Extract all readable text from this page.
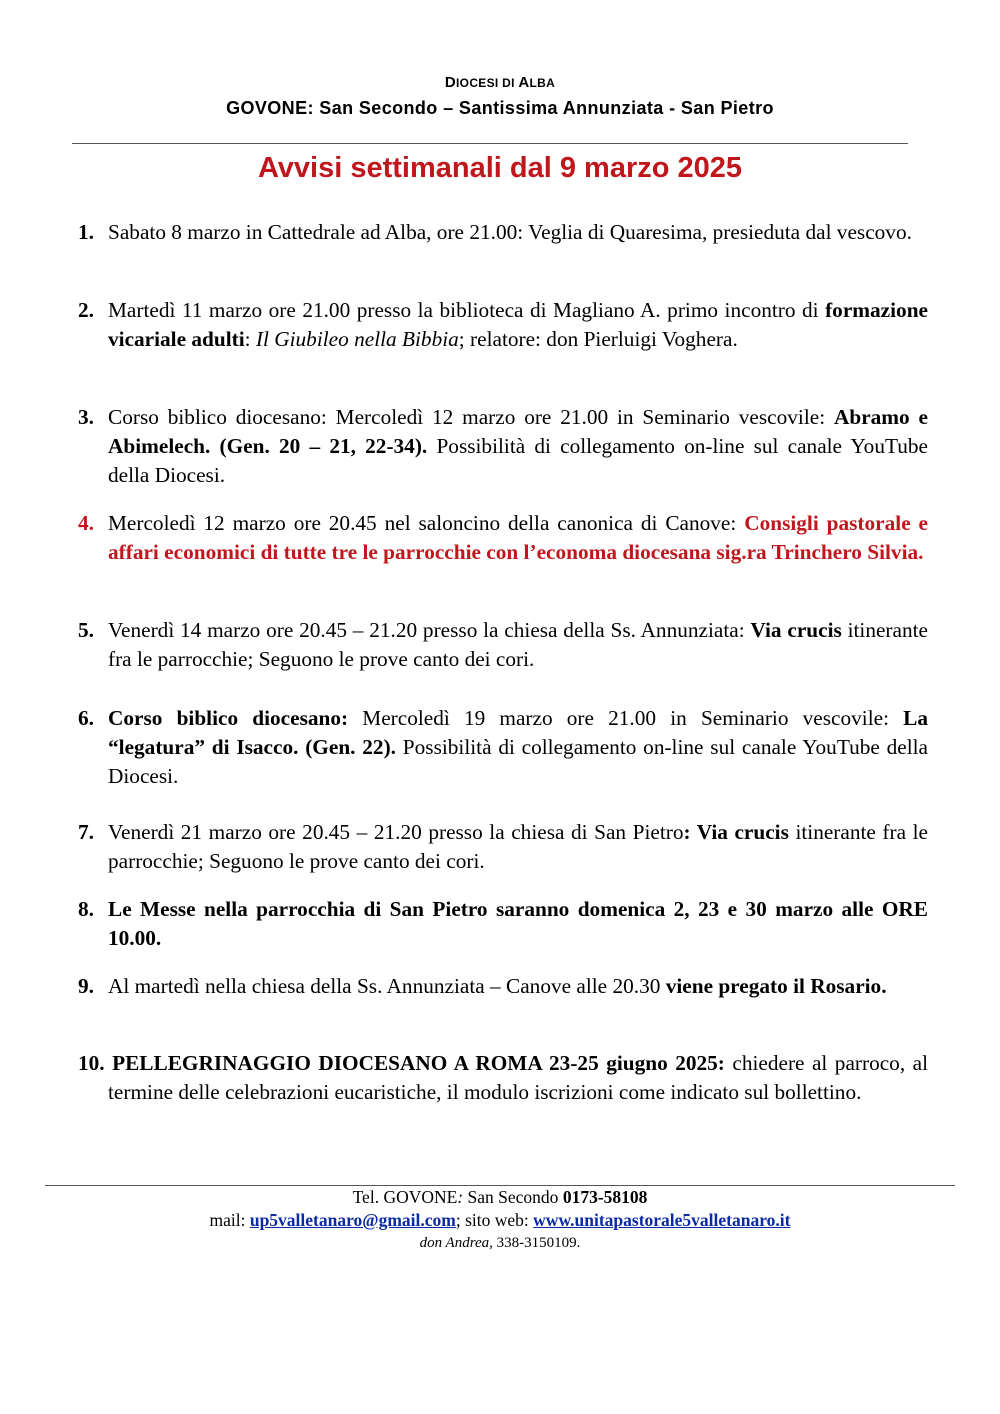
DIOCESI DI ALBA
GOVONE: San Secondo – Santissima Annunziata - San Pietro
Avvisi settimanali dal 9 marzo 2025
1. Sabato 8 marzo in Cattedrale ad Alba, ore 21.00: Veglia di Quaresima, presieduta dal vescovo.
2. Martedì 11 marzo ore 21.00 presso la biblioteca di Magliano A. primo incontro di formazione vicariale adulti: Il Giubileo nella Bibbia; relatore: don Pierluigi Voghera.
3. Corso biblico diocesano: Mercoledì 12 marzo ore 21.00 in Seminario vescovile: Abramo e Abimelech. (Gen. 20 – 21, 22-34). Possibilità di collegamento on-line sul canale YouTube della Diocesi.
4. Mercoledì 12 marzo ore 20.45 nel saloncino della canonica di Canove: Consigli pastorale e affari economici di tutte tre le parrocchie con l’economa diocesana sig.ra Trinchero Silvia.
5. Venerdì 14 marzo ore 20.45 – 21.20 presso la chiesa della Ss. Annunziata: Via crucis itinerante fra le parrocchie; Seguono le prove canto dei cori.
6. Corso biblico diocesano: Mercoledì 19 marzo ore 21.00 in Seminario vescovile: La “legatura” di Isacco. (Gen. 22). Possibilità di collegamento on-line sul canale YouTube della Diocesi.
7. Venerdì 21 marzo ore 20.45 – 21.20 presso la chiesa di San Pietro: Via crucis itinerante fra le parrocchie; Seguono le prove canto dei cori.
8. Le Messe nella parrocchia di San Pietro saranno domenica 2, 23 e 30 marzo alle ORE 10.00.
9. Al martedì nella chiesa della Ss. Annunziata – Canove alle 20.30 viene pregato il Rosario.
10. PELLEGRINAGGIO DIOCESANO A ROMA 23-25 giugno 2025: chiedere al parroco, al termine delle celebrazioni eucaristiche, il modulo iscrizioni come indicato sul bollettino.
Tel. GOVONE: San Secondo 0173-58108
mail: up5valletanaro@gmail.com; sito web: www.unitapastorale5valletanaro.it
don Andrea, 338-3150109.
